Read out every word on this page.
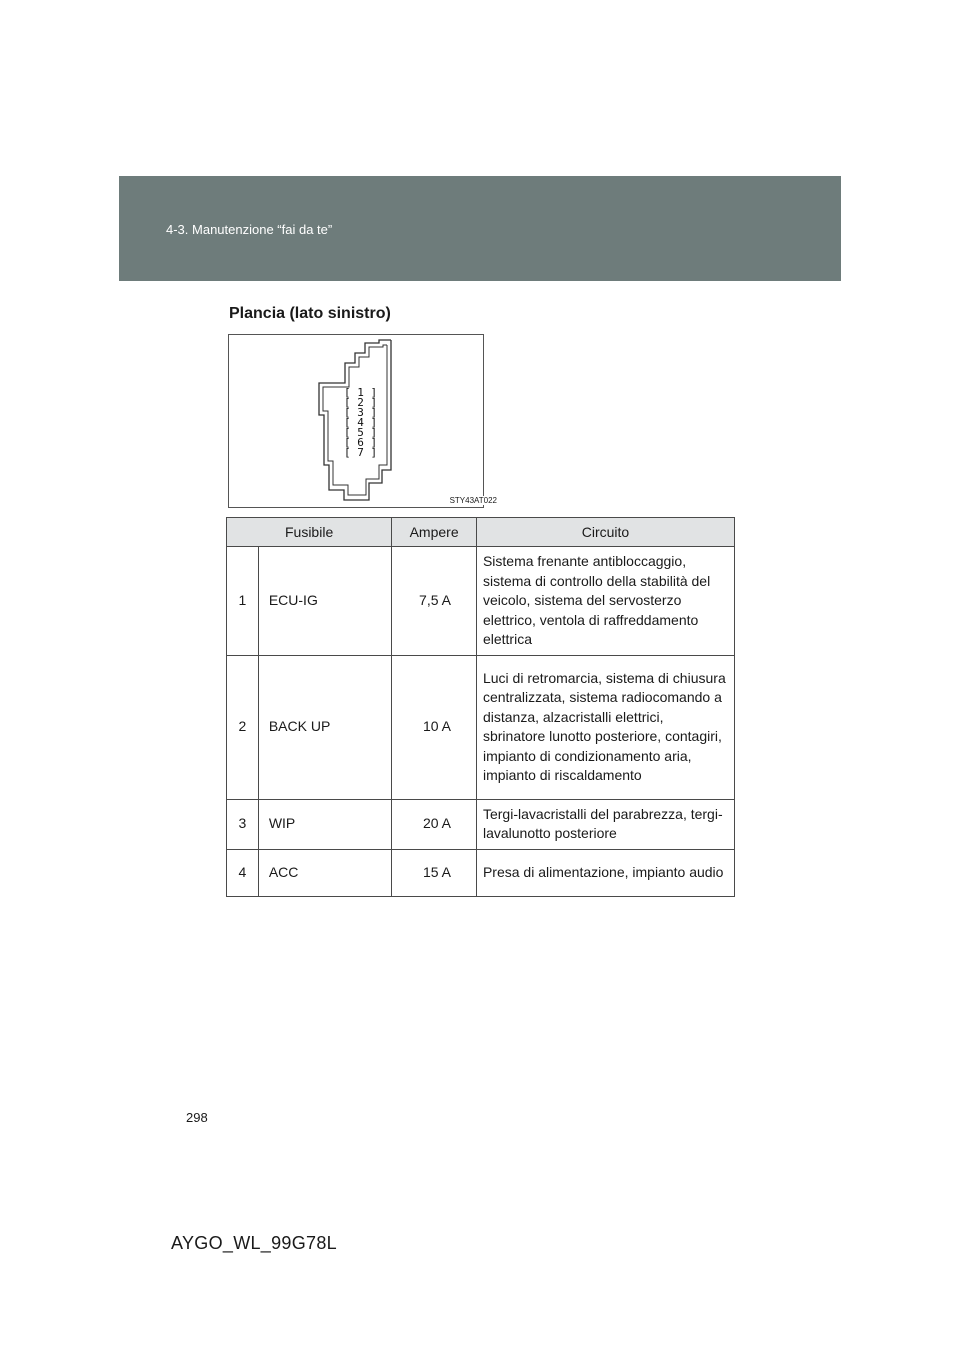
4-3. Manutenzione “fai da te”
Plancia (lato sinistro)
[ 1 ]
[ 2 ]
[ 3 ]
[ 4 ]
[ 5 ]
[ 6 ]
[ 7 ]
STY43AT022
Fusibile		Ampere	Circuito
1	ECU-IG	7,5 A	Sistema frenante antibloccaggio, sistema di controllo della stabilità del veicolo, sistema del servosterzo elettrico, ventola di raffreddamento elettrica
2	BACK UP	10 A	Luci di retromarcia, sistema di chiusura centralizzata, sistema radiocomando a distanza, alzacristalli elettrici, sbrinatore lunotto posteriore, contagiri, impianto di condizionamento aria, impianto di riscaldamento
3	WIP	20 A	Tergi-lavacristalli del parabrezza, tergi-lavalunotto posteriore
4	ACC	15 A	Presa di alimentazione, impianto audio
298
AYGO_WL_99G78L
